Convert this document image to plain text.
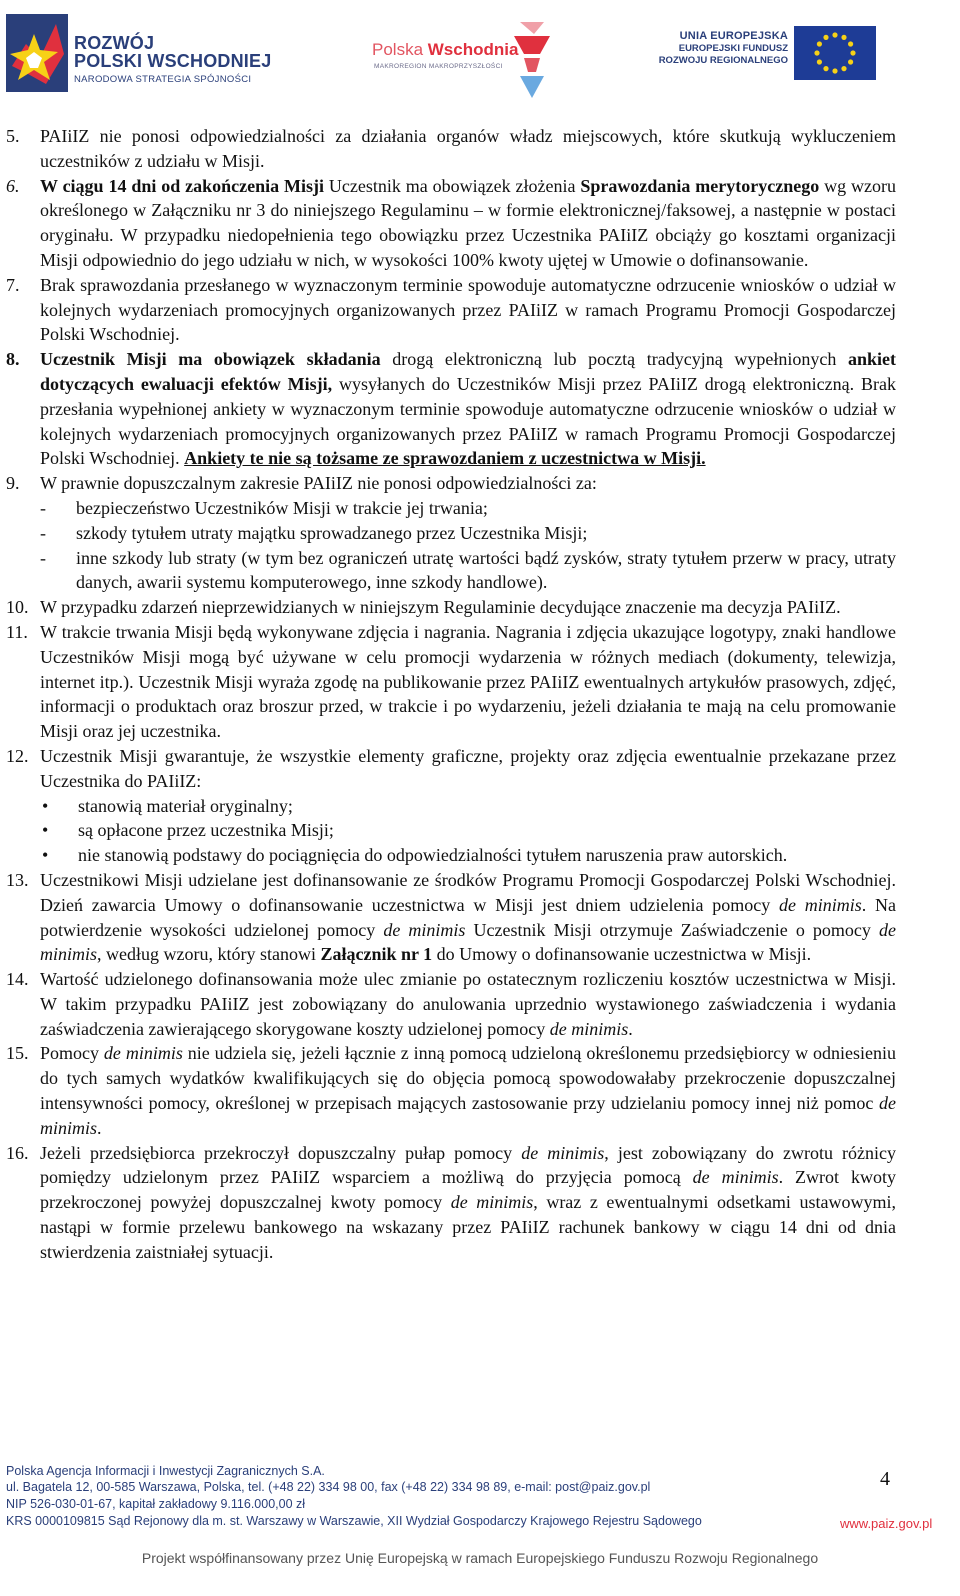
ROZWÓJ
POLSKI WSCHODNIEJ
NARODOWA STRATEGIA SPÓJNOŚCI
Polska Wschodnia
MAKROREGION MAKROPRZYSZŁOŚCI
UNIA EUROPEJSKA
EUROPEJSKI FUNDUSZ
ROZWOJU REGIONALNEGO
5.	PAIiIZ nie ponosi odpowiedzialności za działania organów władz miejscowych, które skutkują wykluczeniem uczestników z udziału w Misji.
6.	W ciągu 14 dni od zakończenia Misji Uczestnik ma obowiązek złożenia Sprawozdania merytorycznego wg wzoru określonego w Załączniku nr 3 do niniejszego Regulaminu – w formie elektronicznej/faksowej, a następnie w postaci oryginału. W przypadku niedopełnienia tego obowiązku przez Uczestnika PAIiIZ obciąży go kosztami organizacji Misji odpowiednio do jego udziału w nich, w wysokości 100% kwoty ujętej w Umowie o dofinansowanie.
7.	Brak sprawozdania przesłanego w wyznaczonym terminie spowoduje automatyczne odrzucenie wniosków o udział w kolejnych wydarzeniach promocyjnych organizowanych przez PAIiIZ w ramach Programu Promocji Gospodarczej Polski Wschodniej.
8.	Uczestnik Misji ma obowiązek składania drogą elektroniczną lub pocztą tradycyjną wypełnionych ankiet dotyczących ewaluacji efektów Misji, wysyłanych do Uczestników Misji przez PAIiIZ drogą elektroniczną. Brak przesłania wypełnionej ankiety w wyznaczonym terminie spowoduje automatyczne odrzucenie wniosków o udział w kolejnych wydarzeniach promocyjnych organizowanych przez PAIiIZ w ramach Programu Promocji Gospodarczej Polski Wschodniej. Ankiety te nie są tożsame ze sprawozdaniem z uczestnictwa w Misji.
9.	W prawnie dopuszczalnym zakresie PAIiIZ nie ponosi odpowiedzialności za:
-	bezpieczeństwo Uczestników Misji w trakcie jej trwania;
-	szkody tytułem utraty majątku sprowadzanego przez Uczestnika Misji;
-	inne szkody lub straty (w tym bez ograniczeń utratę wartości bądź zysków, straty tytułem przerw w pracy, utraty danych, awarii systemu komputerowego, inne szkody handlowe).
10. W przypadku zdarzeń nieprzewidzianych w niniejszym Regulaminie decydujące znaczenie ma decyzja PAIiIZ.
11. W trakcie trwania Misji będą wykonywane zdjęcia i nagrania. Nagrania i zdjęcia ukazujące logotypy, znaki handlowe Uczestników Misji mogą być używane w celu promocji wydarzenia w różnych mediach (dokumenty, telewizja, internet itp.). Uczestnik Misji wyraża zgodę na publikowanie przez PAIiIZ ewentualnych artykułów prasowych, zdjęć, informacji o produktach oraz broszur przed, w trakcie i po wydarzeniu, jeżeli działania te mają na celu promowanie Misji oraz jej uczestnika.
12. Uczestnik Misji gwarantuje, że wszystkie elementy graficzne, projekty oraz zdjęcia ewentualnie przekazane przez Uczestnika do PAIiIZ:
•	stanowią materiał oryginalny;
•	są opłacone przez uczestnika Misji;
•	nie stanowią podstawy do pociągnięcia do odpowiedzialności tytułem naruszenia praw autorskich.
13. Uczestnikowi Misji udzielane jest dofinansowanie ze środków Programu Promocji Gospodarczej Polski Wschodniej. Dzień zawarcia Umowy o dofinansowanie uczestnictwa w Misji jest dniem udzielenia pomocy de minimis. Na potwierdzenie wysokości udzielonej pomocy de minimis Uczestnik Misji otrzymuje Zaświadczenie o pomocy de minimis, według wzoru, który stanowi Załącznik nr 1 do Umowy o dofinansowanie uczestnictwa w Misji.
14. Wartość udzielonego dofinansowania może ulec zmianie po ostatecznym rozliczeniu kosztów uczestnictwa w Misji. W takim przypadku PAIiIZ jest zobowiązany do anulowania uprzednio wystawionego zaświadczenia i wydania zaświadczenia zawierającego skorygowane koszty udzielonej pomocy de minimis.
15. Pomocy de minimis nie udziela się, jeżeli łącznie z inną pomocą udzieloną określonemu przedsiębiorcy w odniesieniu do tych samych wydatków kwalifikujących się do objęcia pomocą spowodowałaby przekroczenie dopuszczalnej intensywności pomocy, określonej w przepisach mających zastosowanie przy udzielaniu pomocy innej niż pomoc de minimis.
16. Jeżeli przedsiębiorca przekroczył dopuszczalny pułap pomocy de minimis, jest zobowiązany do zwrotu różnicy pomiędzy udzielonym przez PAIiIZ wsparciem a możliwą do przyjęcia pomocą de minimis. Zwrot kwoty przekroczonej powyżej dopuszczalnej kwoty pomocy de minimis, wraz z ewentualnymi odsetkami ustawowymi, nastąpi w formie przelewu bankowego na wskazany przez PAIiIZ rachunek bankowy w ciągu 14 dni od dnia stwierdzenia zaistniałej sytuacji.
Polska Agencja Informacji i Inwestycji Zagranicznych S.A.
ul. Bagatela 12, 00-585 Warszawa, Polska, tel. (+48 22) 334 98 00, fax (+48 22) 334 98 89, e-mail: post@paiz.gov.pl
NIP 526-030-01-67, kapitał zakładowy 9.116.000,00 zł
KRS 0000109815 Sąd Rejonowy dla m. st. Warszawy w Warszawie, XII Wydział Gospodarczy Krajowego Rejestru Sądowego
4
www.paiz.gov.pl
Projekt współfinansowany przez Unię Europejską w ramach Europejskiego Funduszu Rozwoju Regionalnego
